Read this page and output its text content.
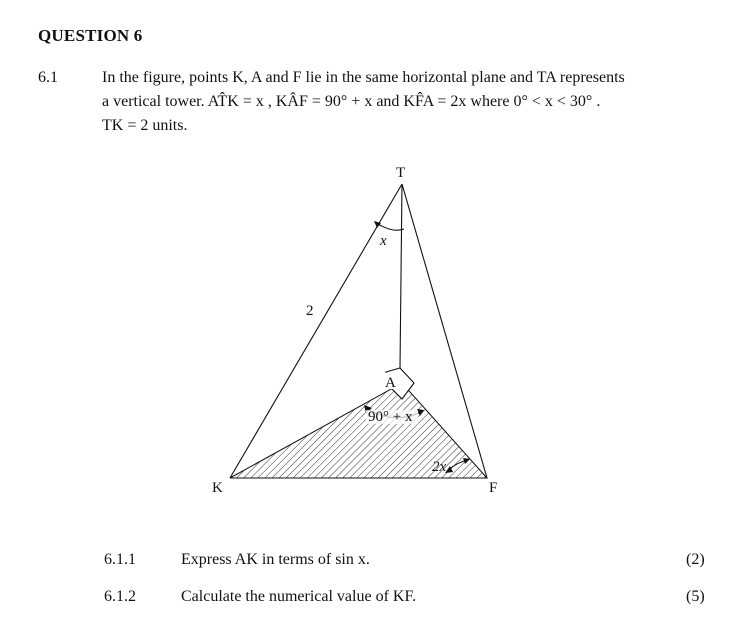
QUESTION 6
6.1	In the figure, points K, A and F lie in the same horizontal plane and TA represents
a vertical tower. AT̂K = x , KÂF = 90° + x and KF̂A = 2x where 0° < x < 30° .
TK = 2 units.
T
A
K	F
2
x
90° + x
2x
6.1.1	Express AK in terms of sin x.	(2)
6.1.2	Calculate the numerical value of KF.	(5)
